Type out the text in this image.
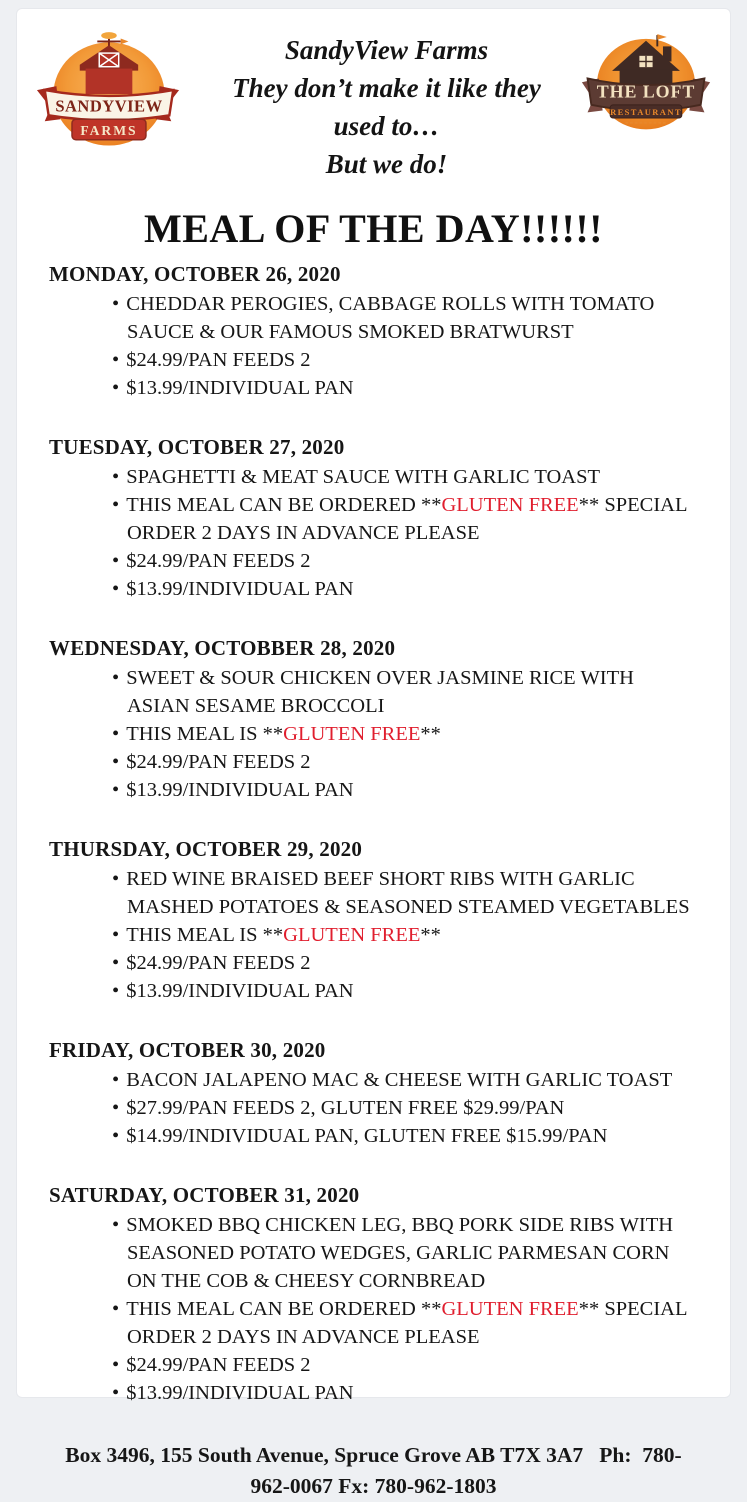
SANDYVIEW
FARMS
SandyView Farms
They don’t make it like they
used to…
But we do!
THE LOFT
RESTAURANT
MEAL OF THE DAY!!!!!!
MONDAY, OCTOBER 26, 2020
• CHEDDAR PEROGIES, CABBAGE ROLLS WITH TOMATO
SAUCE & OUR FAMOUS SMOKED BRATWURST
• $24.99/PAN FEEDS 2
• $13.99/INDIVIDUAL PAN
TUESDAY, OCTOBER 27, 2020
• SPAGHETTI & MEAT SAUCE WITH GARLIC TOAST
• THIS MEAL CAN BE ORDERED **GLUTEN FREE** SPECIAL
ORDER 2 DAYS IN ADVANCE PLEASE
• $24.99/PAN FEEDS 2
• $13.99/INDIVIDUAL PAN
WEDNESDAY, OCTOBBER 28, 2020
• SWEET & SOUR CHICKEN OVER JASMINE RICE WITH
ASIAN SESAME BROCCOLI
• THIS MEAL IS **GLUTEN FREE**
• $24.99/PAN FEEDS 2
• $13.99/INDIVIDUAL PAN
THURSDAY, OCTOBER 29, 2020
• RED WINE BRAISED BEEF SHORT RIBS WITH GARLIC
MASHED POTATOES & SEASONED STEAMED VEGETABLES
• THIS MEAL IS **GLUTEN FREE**
• $24.99/PAN FEEDS 2
• $13.99/INDIVIDUAL PAN
FRIDAY, OCTOBER 30, 2020
• BACON JALAPENO MAC & CHEESE WITH GARLIC TOAST
• $27.99/PAN FEEDS 2, GLUTEN FREE $29.99/PAN
• $14.99/INDIVIDUAL PAN, GLUTEN FREE $15.99/PAN
SATURDAY, OCTOBER 31, 2020
• SMOKED BBQ CHICKEN LEG, BBQ PORK SIDE RIBS WITH
SEASONED POTATO WEDGES, GARLIC PARMESAN CORN
ON THE COB & CHEESY CORNBREAD
• THIS MEAL CAN BE ORDERED **GLUTEN FREE** SPECIAL
ORDER 2 DAYS IN ADVANCE PLEASE
• $24.99/PAN FEEDS 2
• $13.99/INDIVIDUAL PAN
Box 3496, 155 South Avenue, Spruce Grove AB T7X 3A7   Ph:  780-
962-0067 Fx: 780-962-1803
